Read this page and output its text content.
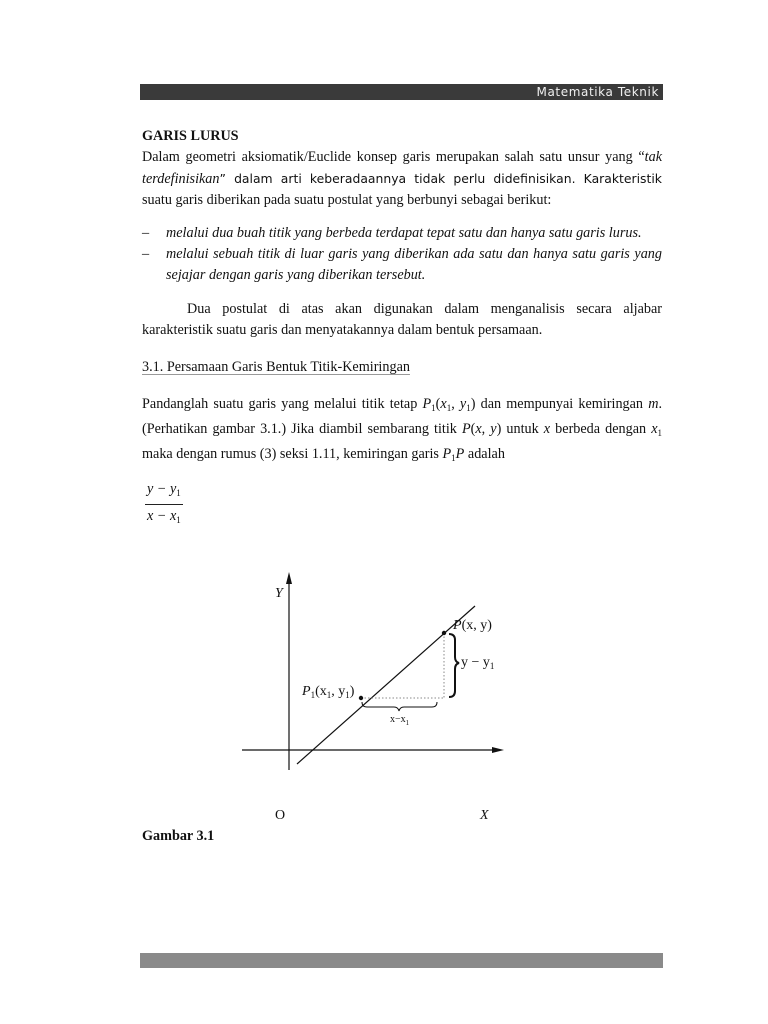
Matematika Teknik

GARIS LURUS

Dalam geometri aksiomatik/Euclide konsep garis merupakan salah satu unsur yang “tak terdefinisikan” dalam arti keberadaannya tidak perlu didefinisikan. Karakteristik suatu garis diberikan pada suatu postulat yang berbunyi sebagai berikut:

– melalui dua buah titik yang berbeda terdapat tepat satu dan hanya satu garis lurus.
– melalui sebuah titik di luar garis yang diberikan ada satu dan hanya satu garis yang sejajar dengan garis yang diberikan tersebut.

Dua postulat di atas akan digunakan dalam menganalisis secara aljabar karakteristik suatu garis dan menyatakannya dalam bentuk persamaan.

3.1. Persamaan Garis Bentuk Titik-Kemiringan

Pandanglah suatu garis yang melalui titik tetap $P_1(x_1$, $y_1$) dan mempunyai kemiringan m. (Perhatikan gambar 3.1.) Jika diambil sembarang titik P(x, y) untuk x berbeda dengan $x_1$ maka dengan rumus (3) seksi 1.11, kemiringan garis $P_1P$ adalah

$\frac{y - y_1}{x - x_1}$
Y
P(x, y)
$y - y_1$
$P_1(x_1$, $y_1$)
$x-x_1$
O	X
Gambar 3.1
